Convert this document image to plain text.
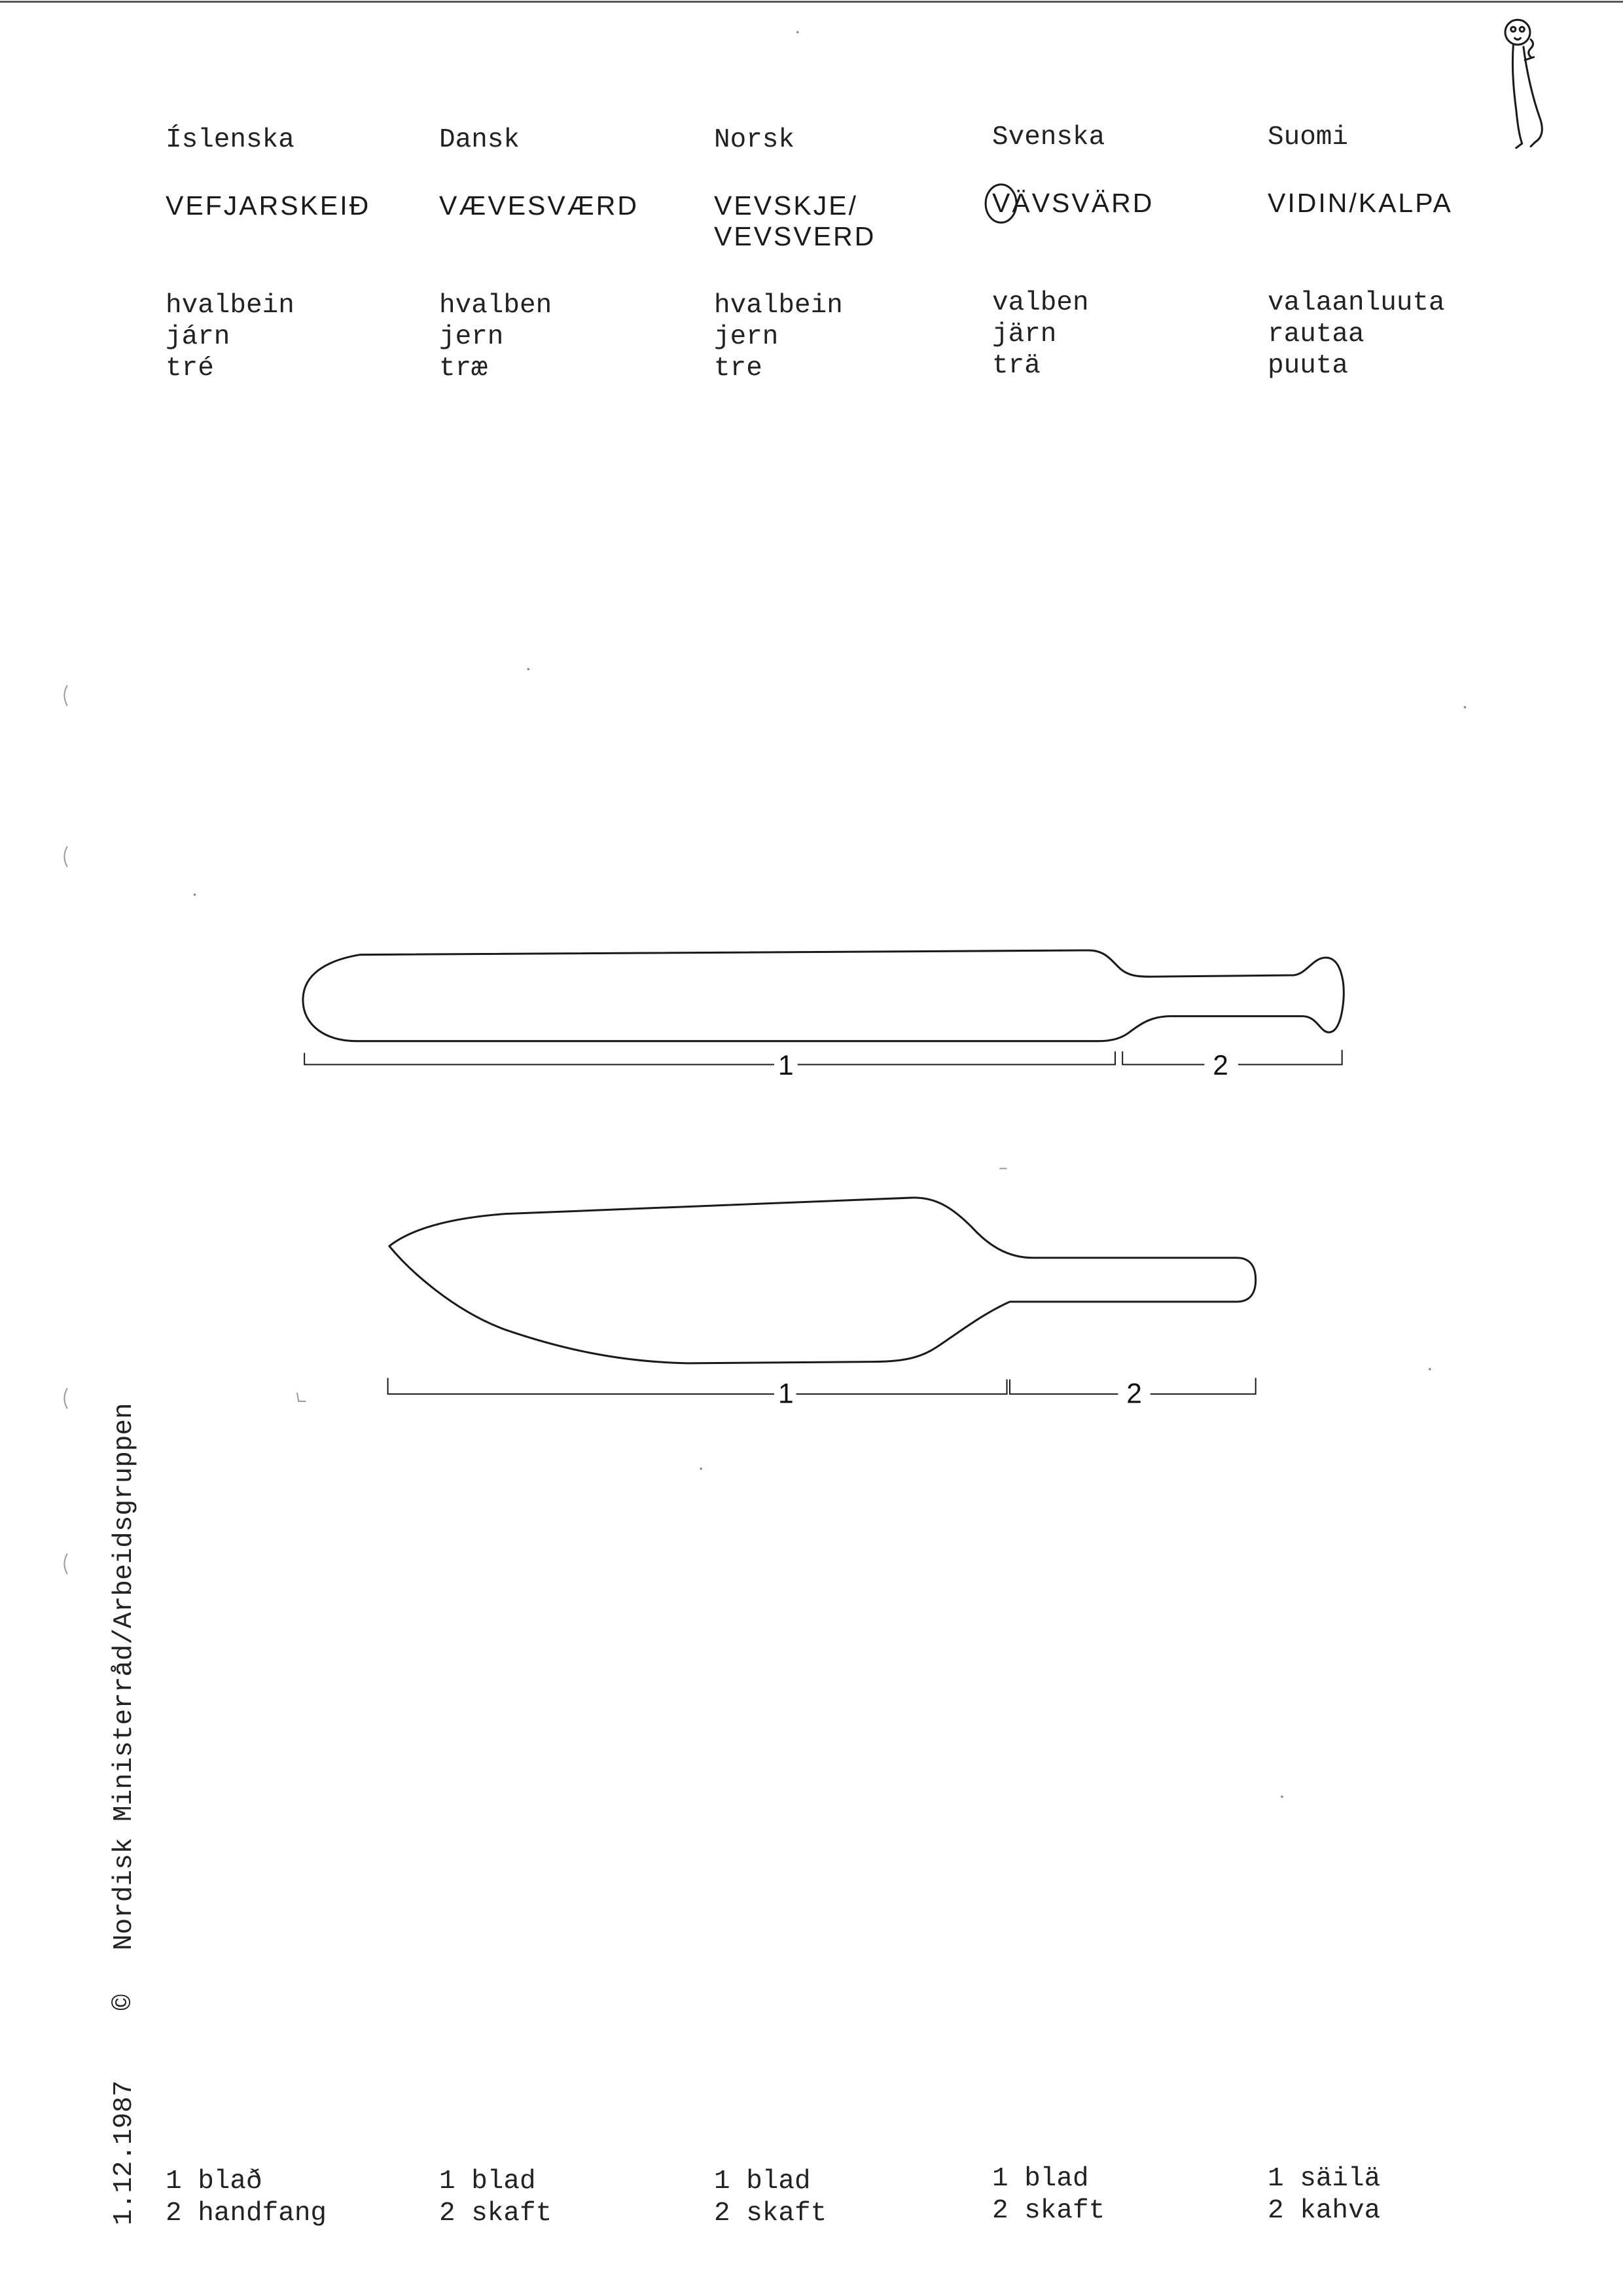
Íslenska
VEFJARSKEIÐ
hvalbein
járn
tré
1 blað
2 handfang
Dansk
VÆVESVÆRD
hvalben
jern
træ
1 blad
2 skaft
Norsk
VEVSKJE/
VEVSVERD
hvalbein
jern
tre
1 blad
2 skaft
Svenska
VÄVSVÄRD
valben
järn
trä
1 blad
2 skaft
Suomi
VIDIN/KALPA
valaanluuta
rautaa
puuta
1 säilä
2 kahva
1	2
1	2
1.12.1987
©
Nordisk Ministerråd/Arbeidsgruppen
